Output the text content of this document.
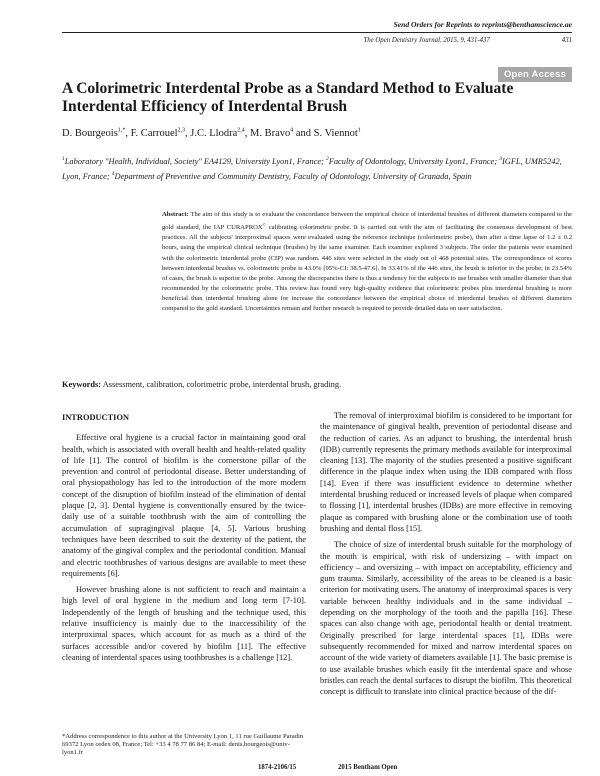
Send Orders for Reprints to reprints@benthamscience.ae
The Open Dentistry Journal, 2015, 9, 431-437	431
Open Access
A Colorimetric Interdental Probe as a Standard Method to Evaluate Interdental Efficiency of Interdental Brush
D. Bourgeois$^{1,*}$, F. Carrouel$^{2,3}$, J.C. Llodra$^{2,4}$, M. Bravo$^4$ and S. Viennot$^1$
$^1$Laboratory "Health, Individual, Society" EA4129, University Lyon1, France; $^2$Faculty of Odontology, University Lyon1, France; $^3$IGFL, UMR5242, Lyon, France; $^4$Department of Preventive and Community Dentistry, Faculty of Odontology, University of Granada, Spain
Abstract: The aim of this study is to evaluate the concordance between the empirical choice of interdental brushes of different diameters compared to the gold standard, the IAP CURAPROX© calibrating colorimetric probe. It is carried out with the aim of facilitating the consensus development of best practices. All the subjects' interproximal spaces were evaluated using the reference technique (colorimetric probe), then after a time lapse of 1.2 ± 0.2 hours, using the empirical clinical technique (brushes) by the same examiner. Each examiner explored 3 subjects. The order the patients were examined with the colorimetric interdental probe (CIP) was random. 446 sites were selected in the study out of 468 potential sites. The correspondence of scores between interdental brushes vs. colorimetric probe is 43.0% [95%-CI: 38.5-47.6]. In 33.41% of the 446 sites, the brush is inferior to the probe; in 23.54% of cases, the brush is superior to the probe. Among the discrepancies there is thus a tendency for the subjects to use brushes with smaller diameter than that recommended by the colorimetric probe. This review has found very high-quality evidence that colorimetric probes plus interdental brushing is more beneficial than interdental brushing alone for increase the concordance between the empirical choice of interdental brushes of different diameters compared to the gold standard. Uncertainties remain and further research is required to provide detailed data on user satisfaction.
Keywords: Assessment, calibration, colorimetric probe, interdental brush, grading.
INTRODUCTION

Effective oral hygiene is a crucial factor in maintaining good oral health, which is associated with overall health and health-related quality of life [1]. The control of biofilm is the cornerstone pillar of the prevention and control of periodontal disease. Better understanding of oral physiopathology has led to the introduction of the more modern concept of the disruption of biofilm instead of the elimination of dental plaque [2, 3]. Dental hygiene is conventionally ensured by the twice-daily use of a suitable toothbrush with the aim of controlling the accumulation of supragingival plaque [4, 5]. Various brushing techniques have been described to suit the dexterity of the patient, the anatomy of the gingival complex and the periodontal condition. Manual and electric toothbrushes of various designs are available to meet these requirements [6].

However brushing alone is not sufficient to reach and maintain a high level of oral hygiene in the medium and long term [7-10]. Independently of the length of brushing and the technique used, this relative insufficiency is mainly due to the inaccessibility of the interproximal spaces, which account for as much as a third of the surfaces accessible and/or covered by biofilm [11]. The effective cleaning of interdental spaces using toothbrushes is a challenge [12].

The removal of interproximal biofilm is considered to be important for the maintenance of gingival health, prevention of periodontal disease and the reduction of caries. As an adjunct to brushing, the interdental brush (IDB) currently represents the primary methods available for interproximal cleaning [13]. The majority of the studies presented a positive significant difference in the plaque index when using the IDB compared with floss [14]. Even if there was insufficient evidence to determine whether interdental brushing reduced or increased levels of plaque when compared to flossing [1], interdental brushes (IDBs) are more effective in removing plaque as compared with brushing alone or the combination use of tooth brushing and dental floss [15].

The choice of size of interdental brush suitable for the morphology of the mouth is empirical, with risk of undersizing – with impact on efficiency – and oversizing – with impact on acceptability, efficiency and gum trauma. Similarly, accessibility of the areas to be cleaned is a basic criterion for motivating users. The anatomy of interproximal spaces is very variable between healthy individuals and in the same individual – depending on the morphology of the tooth and the papilla [16]. These spaces can also change with age, periodontal health or dental treatment. Originally prescribed for large interdental spaces [1], IDBs were subsequently recommended for mixed and narrow interdental spaces on account of the wide variety of diameters available [1]. The basic premise is to use available brushes which easily fit the interdental space and whose bristles can reach the dental surfaces to disrupt the biofilm. This theoretical concept is difficult to translate into clinical practice because of the dif-

*Address correspondence to this author at the University Lyon 1, 11 rue Guillaume Paradin 69372 Lyon cedex 08, France; Tel: +33 4 78 77 86 84; E-mail: denis.bourgeois@univ-lyon1.fr
1874-2106/15	2015 Bentham Open
